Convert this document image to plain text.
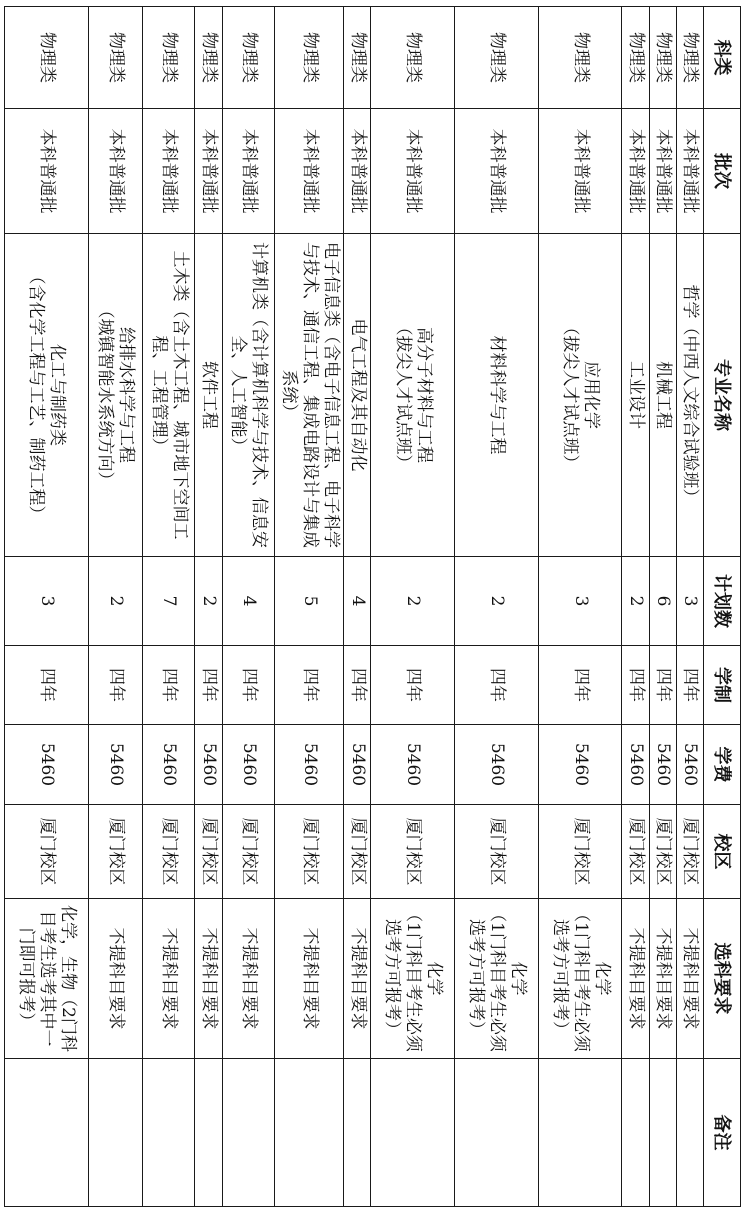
科类	批次	专业名称	计划数	学制	学费	校区	选科要求	备注
物理类	本科普通批	哲学（中西人文综合试验班）	3	四年	5460	厦门校区	不提科目要求	

物理类	本科普通批	机械工程	6	四年	5460	厦门校区	不提科目要求	

物理类	本科普通批	工业设计	2	四年	5460	厦门校区	不提科目要求	

物理类	本科普通批	应用化学
（拔尖人才试点班）	3	四年	5460	厦门校区	化学
（1门科目考生必须
选考方可报考）	

物理类	本科普通批	材料科学与工程	2	四年	5460	厦门校区	化学
（1门科目考生必须
选考方可报考）	

物理类	本科普通批	高分子材料与工程
（拔尖人才试点班）	2	四年	5460	厦门校区	化学
（1门科目考生必须
选考方可报考）	

物理类	本科普通批	电气工程及其自动化	4	四年	5460	厦门校区	不提科目要求	

物理类	本科普通批	电子信息类（含电子信息工程、电子科学与技术、通信工程、集成电路设计与集成系统）	5	四年	5460	厦门校区	不提科目要求	

物理类	本科普通批	计算机类（含计算机科学与技术、信息安全、人工智能）	4	四年	5460	厦门校区	不提科目要求	

物理类	本科普通批	软件工程	2	四年	5460	厦门校区	不提科目要求	

物理类	本科普通批	土木类（含土木工程、城市地下空间工程、工程管理）	7	四年	5460	厦门校区	不提科目要求	

物理类	本科普通批	给排水科学与工程
（城镇智能水系统方向）	2	四年	5460	厦门校区	不提科目要求	

物理类	本科普通批	化工与制药类
（含化学工程与工艺、制药工程）	3	四年	5460	厦门校区	化学，生物（2门科目考生选考其中一门即可报考）	
